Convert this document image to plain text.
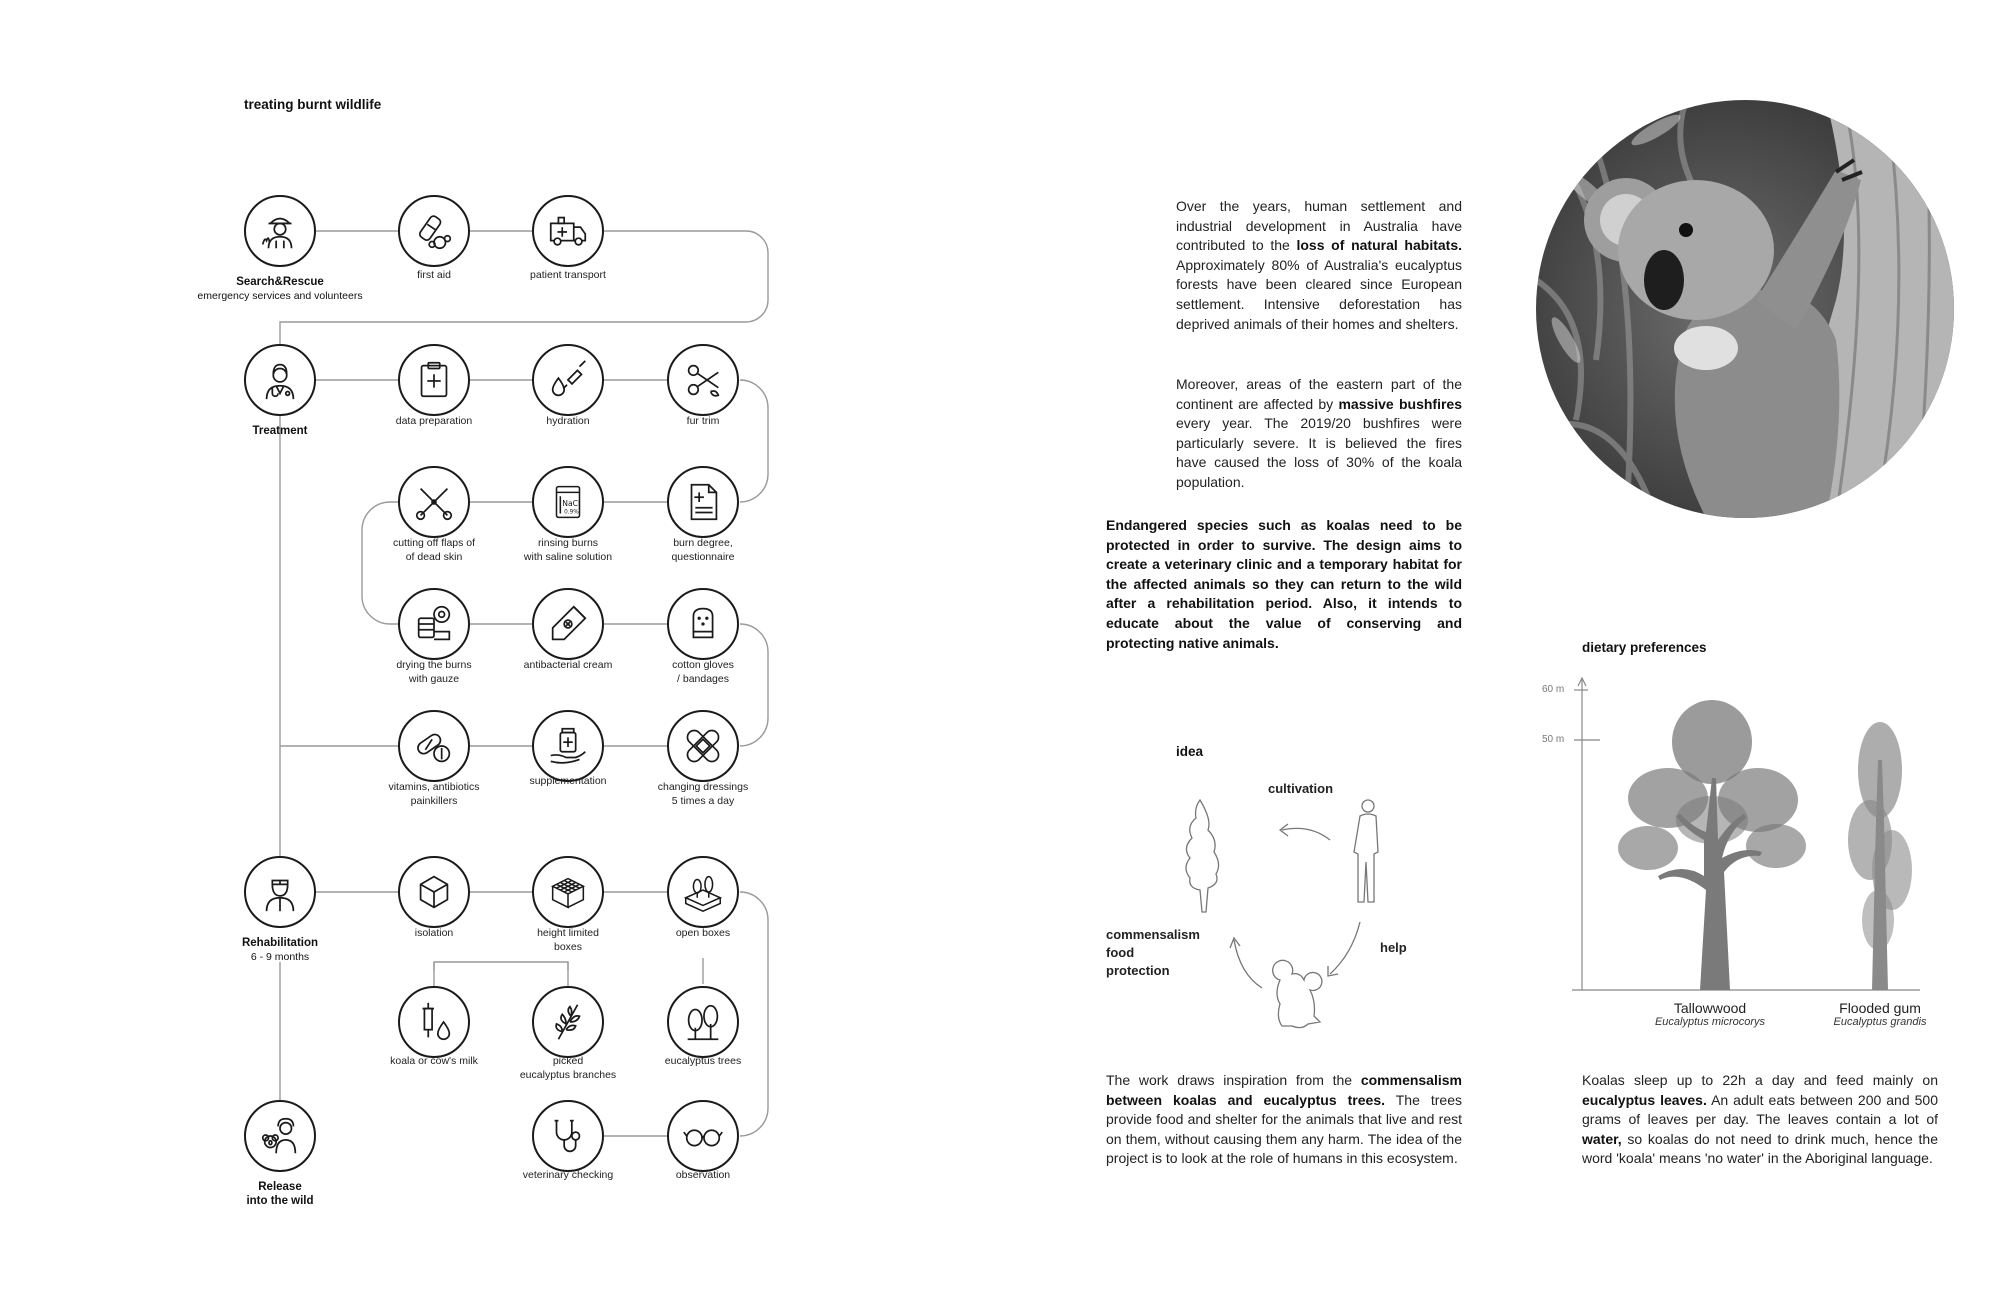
treating burnt wildlife
Search&Rescue
emergency services and volunteers
first aid	patient transport
Treatment
data preparation	hydration	fur trim
cutting off flaps of
of dead skin
NaCl
0.9%
rinsing burns
with saline solution
burn degree,
questionnaire
drying the burns
with gauze
antibacterial cream	cotton gloves
/ bandages
vitamins, antibiotics
painkillers
supplementation	changing dressings
5 times a day
Rehabilitation
6 - 9 months
isolation	height limited
boxes
open boxes
koala or cow's milk	picked
eucalyptus branches
eucalyptus trees
Release
into the wild
veterinary checking	observation
Over the years, human settlement and industrial development in Australia have contributed to the loss of natural habitats. Approximately 80% of Australia's eucalyptus forests have been cleared since European settlement. Intensive deforestation has deprived animals of their homes and shelters.
Moreover, areas of the eastern part of the continent are affected by massive bushfires every year. The 2019/20 bushfires were particularly severe. It is believed the fires have caused the loss of 30% of the koala population.
Endangered species such as koalas need to be protected in order to survive. The design aims to create a veterinary clinic and a temporary habitat for the affected animals so they can return to the wild after a rehabilitation period. Also, it intends to educate about the value of conserving and protecting native animals.
idea
cultivation
help
commensalism
food
protection
The work draws inspiration from the commensalism between koalas and eucalyptus trees. The trees provide food and shelter for the animals that live and rest on them, without causing them any harm. The idea of the project is to look at the role of humans in this ecosystem.
dietary preferences
60 m
50 m
Tallowwood
Eucalyptus microcorys
Flooded gum
Eucalyptus grandis
Koalas sleep up to 22h a day and feed mainly on eucalyptus leaves. An adult eats between 200 and 500 grams of leaves per day. The leaves contain a lot of water, so koalas do not need to drink much, hence the word 'koala' means 'no water' in the Aboriginal language.
